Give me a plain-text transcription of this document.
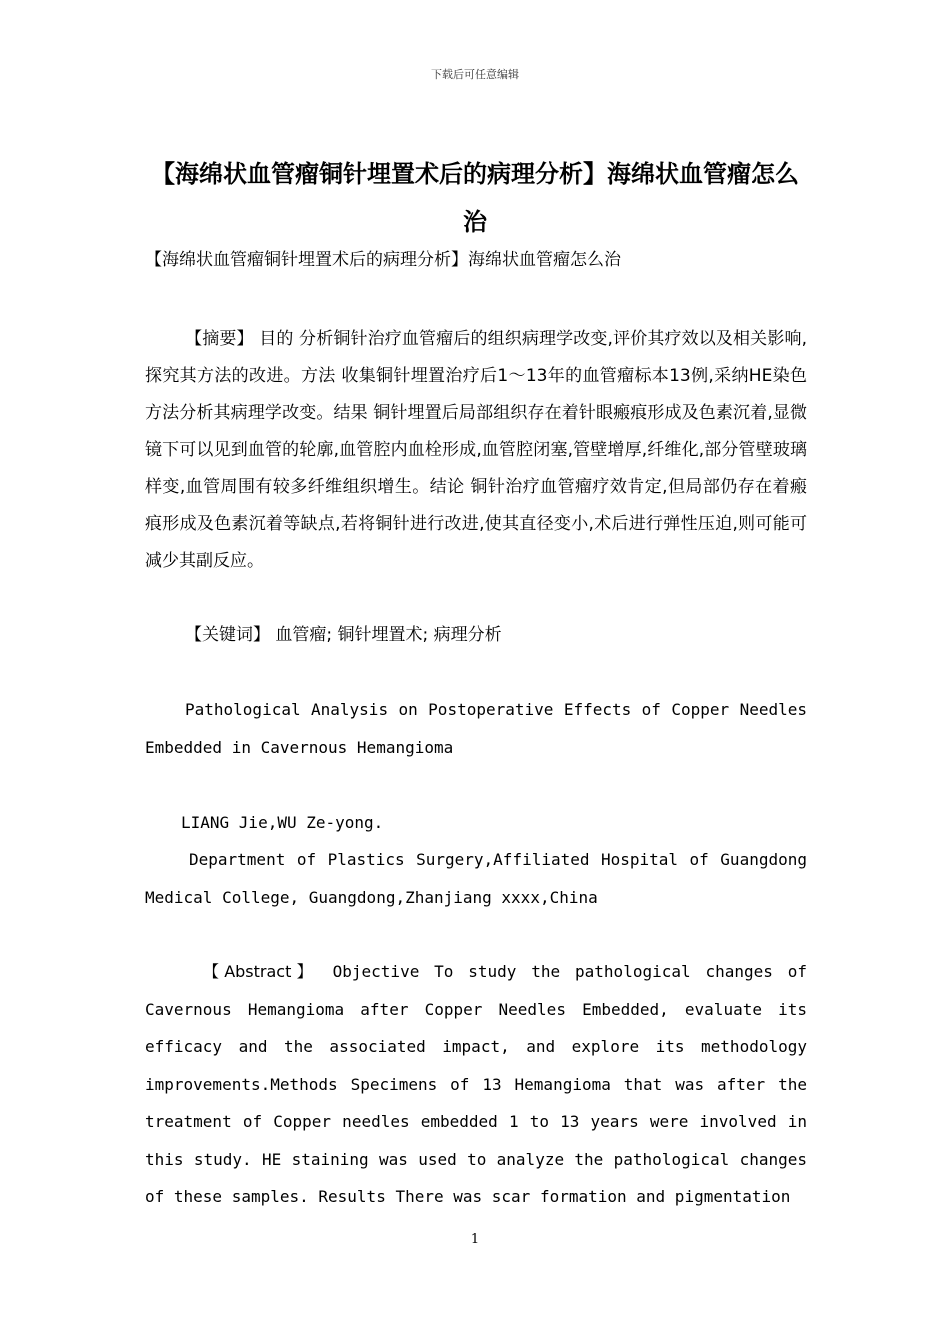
下载后可任意编辑
【海绵状血管瘤铜针埋置术后的病理分析】海绵状血管瘤怎么治

【海绵状血管瘤铜针埋置术后的病理分析】海绵状血管瘤怎么治

【摘要】 目的 分析铜针治疗血管瘤后的组织病理学改变,评价其疗效以及相关影响,探究其方法的改进。方法 收集铜针埋置治疗后1～13年的血管瘤标本13例,采纳HE染色方法分析其病理学改变。结果 铜针埋置后局部组织存在着针眼瘢痕形成及色素沉着,显微镜下可以见到血管的轮廓,血管腔内血栓形成,血管腔闭塞,管壁增厚,纤维化,部分管壁玻璃样变,血管周围有较多纤维组织增生。结论 铜针治疗血管瘤疗效肯定,但局部仍存在着瘢痕形成及色素沉着等缺点,若将铜针进行改进,使其直径变小,术后进行弹性压迫,则可能可减少其副反应。

【关键词】 血管瘤; 铜针埋置术; 病理分析

Pathological Analysis on Postoperative Effects of Copper Needles Embedded in Cavernous Hemangioma

LIANG Jie,WU Ze-yong.

Department of Plastics Surgery,Affiliated Hospital of Guangdong Medical College, Guangdong,Zhanjiang xxxx,China

【Abstract】 Objective To study the pathological changes of Cavernous Hemangioma after Copper Needles Embedded, evaluate its efficacy and the associated impact, and explore its methodology improvements.Methods Specimens of 13 Hemangioma that was after the treatment of Copper needles embedded 1 to 13 years were involved in this study. HE staining was used to analyze the pathological changes of these samples. Results There was scar formation and pigmentation

1
